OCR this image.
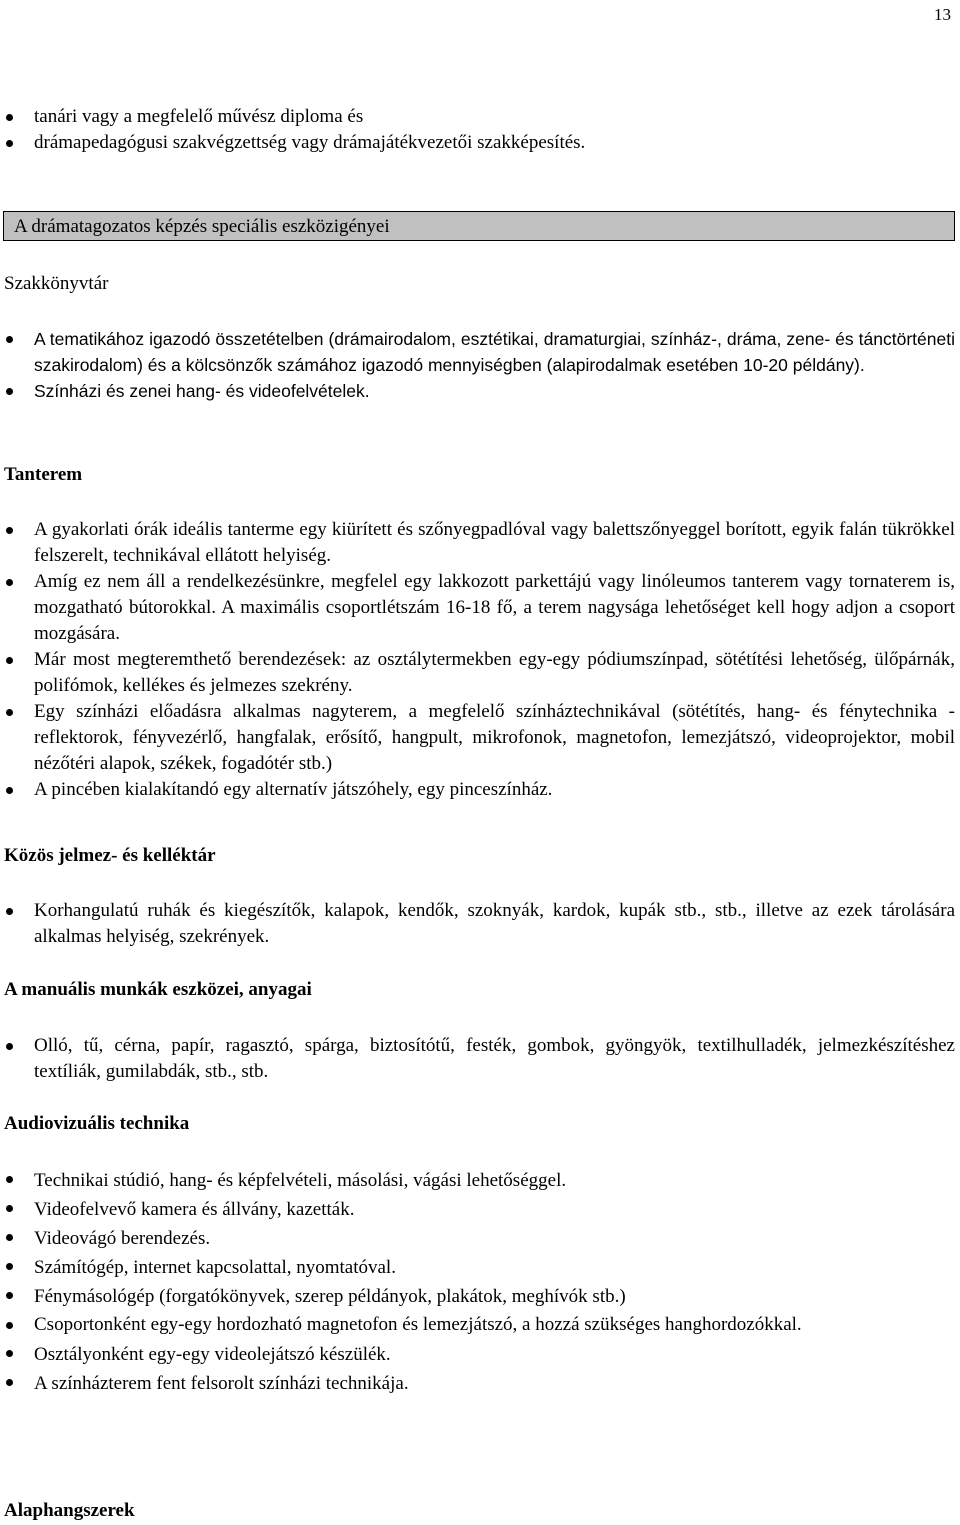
13
tanári vagy a megfelelő művész diploma és
drámapedagógusi szakvégzettség vagy drámajátékvezetői szakképesítés.
A drámatagozatos képzés speciális eszközigényei
Szakkönyvtár
A tematikához igazodó összetételben (drámairodalom, esztétikai, dramaturgiai, színház-, dráma, zene- és tánctörténeti szakirodalom) és a kölcsönzők számához igazodó mennyiségben (alapirodalmak esetében 10-20 példány).
Színházi és zenei hang- és videofelvételek.
Tanterem
A gyakorlati órák ideális tanterme egy kiürített és szőnyegpadlóval vagy balettszőnyeggel borított, egyik falán tükrökkel felszerelt, technikával ellátott helyiség.
Amíg ez nem áll a rendelkezésünkre, megfelel egy lakkozott parkettájú vagy linóleumos tanterem vagy tornaterem is, mozgatható bútorokkal. A maximális csoportlétszám 16-18 fő, a terem nagysága lehetőséget kell hogy adjon a csoport mozgására.
Már most megteremthető berendezések: az osztálytermekben egy-egy pódiumszínpad, sötétítési lehetőség, ülőpárnák, polifómok, kellékes és jelmezes szekrény.
Egy színházi előadásra alkalmas nagyterem, a megfelelő színháztechnikával (sötétítés, hang- és fénytechnika - reflektorok, fényvezérlő, hangfalak, erősítő, hangpult, mikrofonok, magnetofon, lemezjátszó, videoprojektor, mobil nézőtéri alapok, székek, fogadótér stb.)
A pincében kialakítandó egy alternatív játszóhely, egy pinceszínház.
Közös jelmez- és kelléktár
Korhangulatú ruhák és kiegészítők, kalapok, kendők, szoknyák, kardok, kupák stb., stb., illetve az ezek tárolására alkalmas helyiség, szekrények.
A manuális munkák eszközei, anyagai
Olló, tű, cérna, papír, ragasztó, spárga, biztosítótű, festék, gombok, gyöngyök, textilhulladék, jelmezkészítéshez textíliák, gumilabdák, stb., stb.
Audiovizuális technika
Technikai stúdió, hang- és képfelvételi, másolási, vágási lehetőséggel.
Videofelvevő kamera és állvány, kazetták.
Videovágó berendezés.
Számítógép, internet kapcsolattal, nyomtatóval.
Fénymásológép (forgatókönyvek, szerep példányok, plakátok, meghívók stb.)
Csoportonként egy-egy hordozható magnetofon és lemezjátszó, a hozzá szükséges hanghordozókkal.
Osztályonként egy-egy videolejátszó készülék.
A színházterem fent felsorolt színházi technikája.
Alaphangszerek
